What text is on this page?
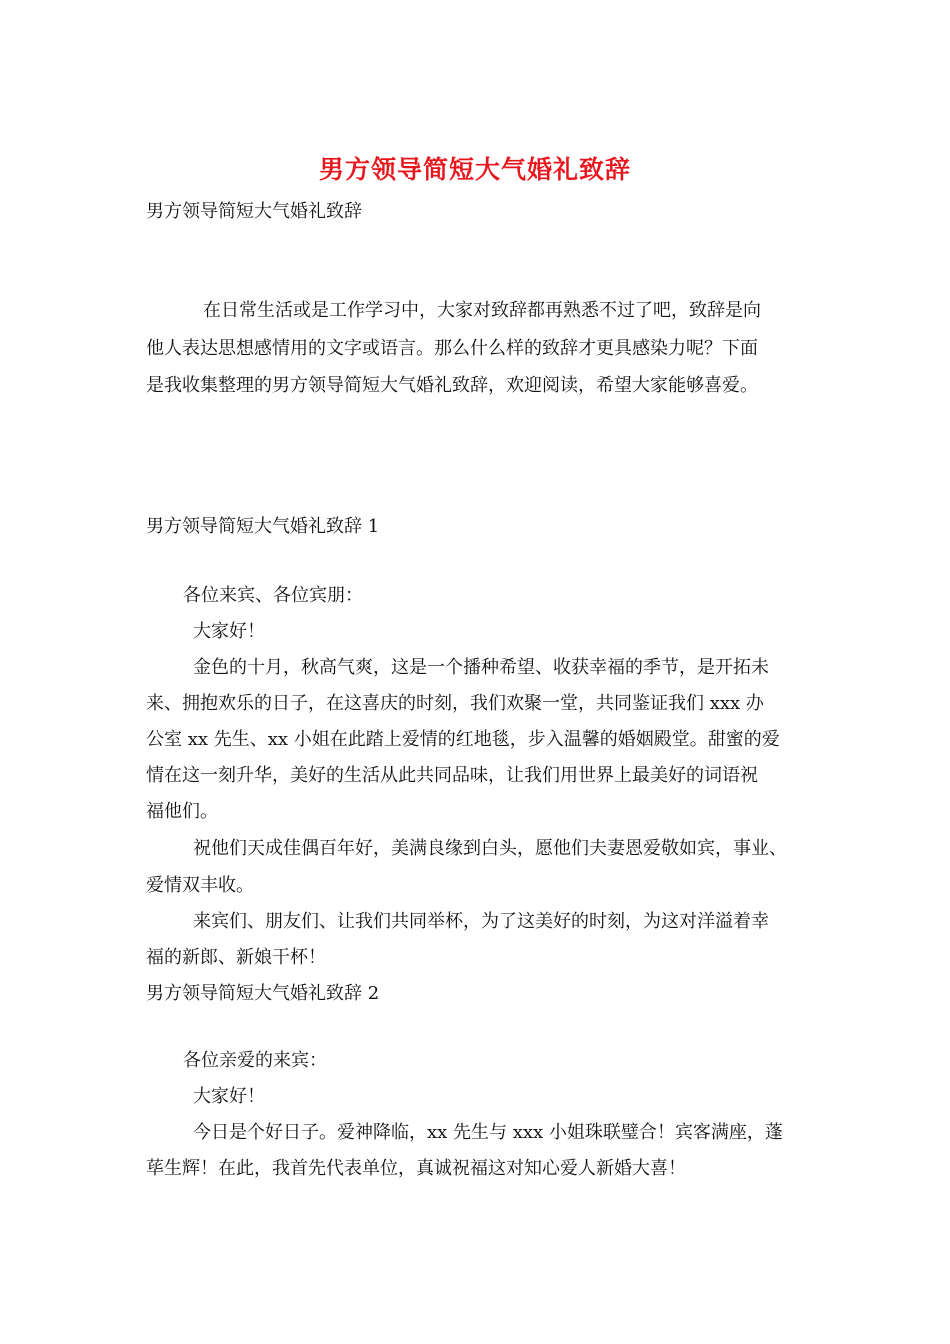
男方领导简短大气婚礼致辞
男方领导简短大气婚礼致辞
在日常生活或是工作学习中，大家对致辞都再熟悉不过了吧，致辞是向
他人表达思想感情用的文字或语言。那么什么样的致辞才更具感染力呢？下面
是我收集整理的男方领导简短大气婚礼致辞，欢迎阅读，希望大家能够喜爱。
男方领导简短大气婚礼致辞 1
各位来宾、各位宾朋：
大家好！
金色的十月，秋高气爽，这是一个播种希望、收获幸福的季节，是开拓未
来、拥抱欢乐的日子，在这喜庆的时刻，我们欢聚一堂，共同鉴证我们 xxx 办
公室 xx 先生、xx 小姐在此踏上爱情的红地毯，步入温馨的婚姻殿堂。甜蜜的爱
情在这一刻升华，美好的生活从此共同品味，让我们用世界上最美好的词语祝
福他们。
祝他们天成佳偶百年好，美满良缘到白头，愿他们夫妻恩爱敬如宾，事业、
爱情双丰收。
来宾们、朋友们、让我们共同举杯，为了这美好的时刻，为这对洋溢着幸
福的新郎、新娘干杯！
男方领导简短大气婚礼致辞 2
各位亲爱的来宾：
大家好！
今日是个好日子。爱神降临，xx 先生与 xxx 小姐珠联璧合！宾客满座，蓬
荜生辉！在此，我首先代表单位，真诚祝福这对知心爱人新婚大喜！
